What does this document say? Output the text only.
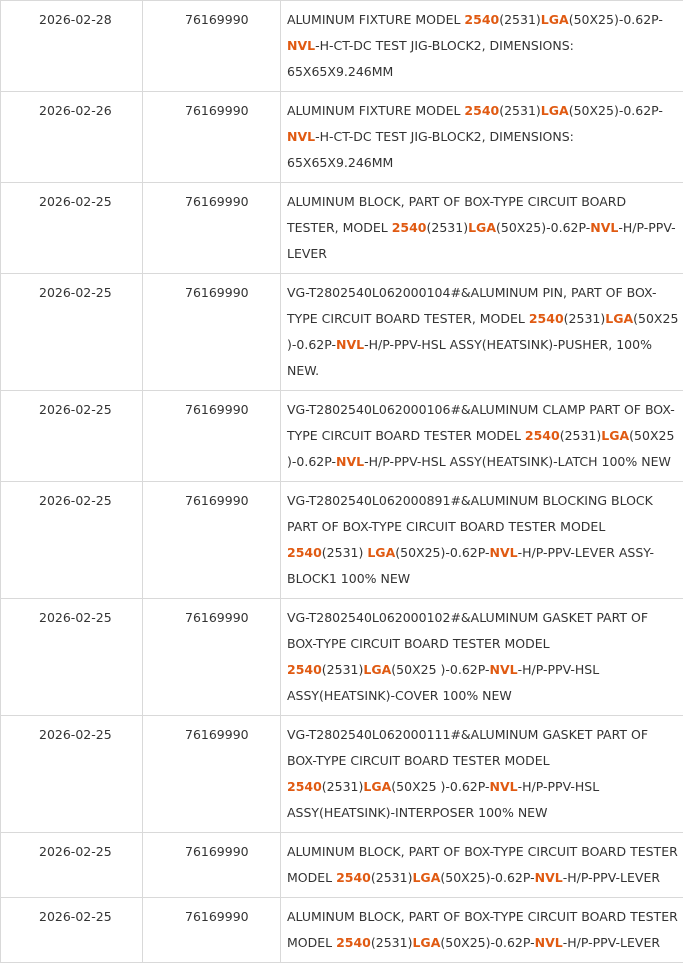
2026-02-28	76169990	ALUMINUM FIXTURE MODEL 2540(2531)LGA(50X25)-0.62P-NVL-H-CT-DC TEST JIG-BLOCK2, DIMENSIONS: 65X65X9.246MM
2026-02-26	76169990	ALUMINUM FIXTURE MODEL 2540(2531)LGA(50X25)-0.62P-NVL-H-CT-DC TEST JIG-BLOCK2, DIMENSIONS: 65X65X9.246MM
2026-02-25	76169990	ALUMINUM BLOCK, PART OF BOX-TYPE CIRCUIT BOARD TESTER, MODEL 2540(2531)LGA(50X25)-0.62P-NVL-H/P-PPV-LEVER
2026-02-25	76169990	VG-T2802540L062000104#&ALUMINUM PIN, PART OF BOX-TYPE CIRCUIT BOARD TESTER, MODEL 2540(2531)LGA(50X25 )-0.62P-NVL-H/P-PPV-HSL ASSY(HEATSINK)-PUSHER, 100% NEW.
2026-02-25	76169990	VG-T2802540L062000106#&ALUMINUM CLAMP PART OF BOX-TYPE CIRCUIT BOARD TESTER MODEL 2540(2531)LGA(50X25 )-0.62P-NVL-H/P-PPV-HSL ASSY(HEATSINK)-LATCH 100% NEW
2026-02-25	76169990	VG-T2802540L062000891#&ALUMINUM BLOCKING BLOCK PART OF BOX-TYPE CIRCUIT BOARD TESTER MODEL 2540(2531) LGA(50X25)-0.62P-NVL-H/P-PPV-LEVER ASSY-BLOCK1 100% NEW
2026-02-25	76169990	VG-T2802540L062000102#&ALUMINUM GASKET PART OF BOX-TYPE CIRCUIT BOARD TESTER MODEL 2540(2531)LGA(50X25 )-0.62P-NVL-H/P-PPV-HSL ASSY(HEATSINK)-COVER 100% NEW
2026-02-25	76169990	VG-T2802540L062000111#&ALUMINUM GASKET PART OF BOX-TYPE CIRCUIT BOARD TESTER MODEL 2540(2531)LGA(50X25 )-0.62P-NVL-H/P-PPV-HSL ASSY(HEATSINK)-INTERPOSER 100% NEW
2026-02-25	76169990	ALUMINUM BLOCK, PART OF BOX-TYPE CIRCUIT BOARD TESTER MODEL 2540(2531)LGA(50X25)-0.62P-NVL-H/P-PPV-LEVER
2026-02-25	76169990	ALUMINUM BLOCK, PART OF BOX-TYPE CIRCUIT BOARD TESTER MODEL 2540(2531)LGA(50X25)-0.62P-NVL-H/P-PPV-LEVER
